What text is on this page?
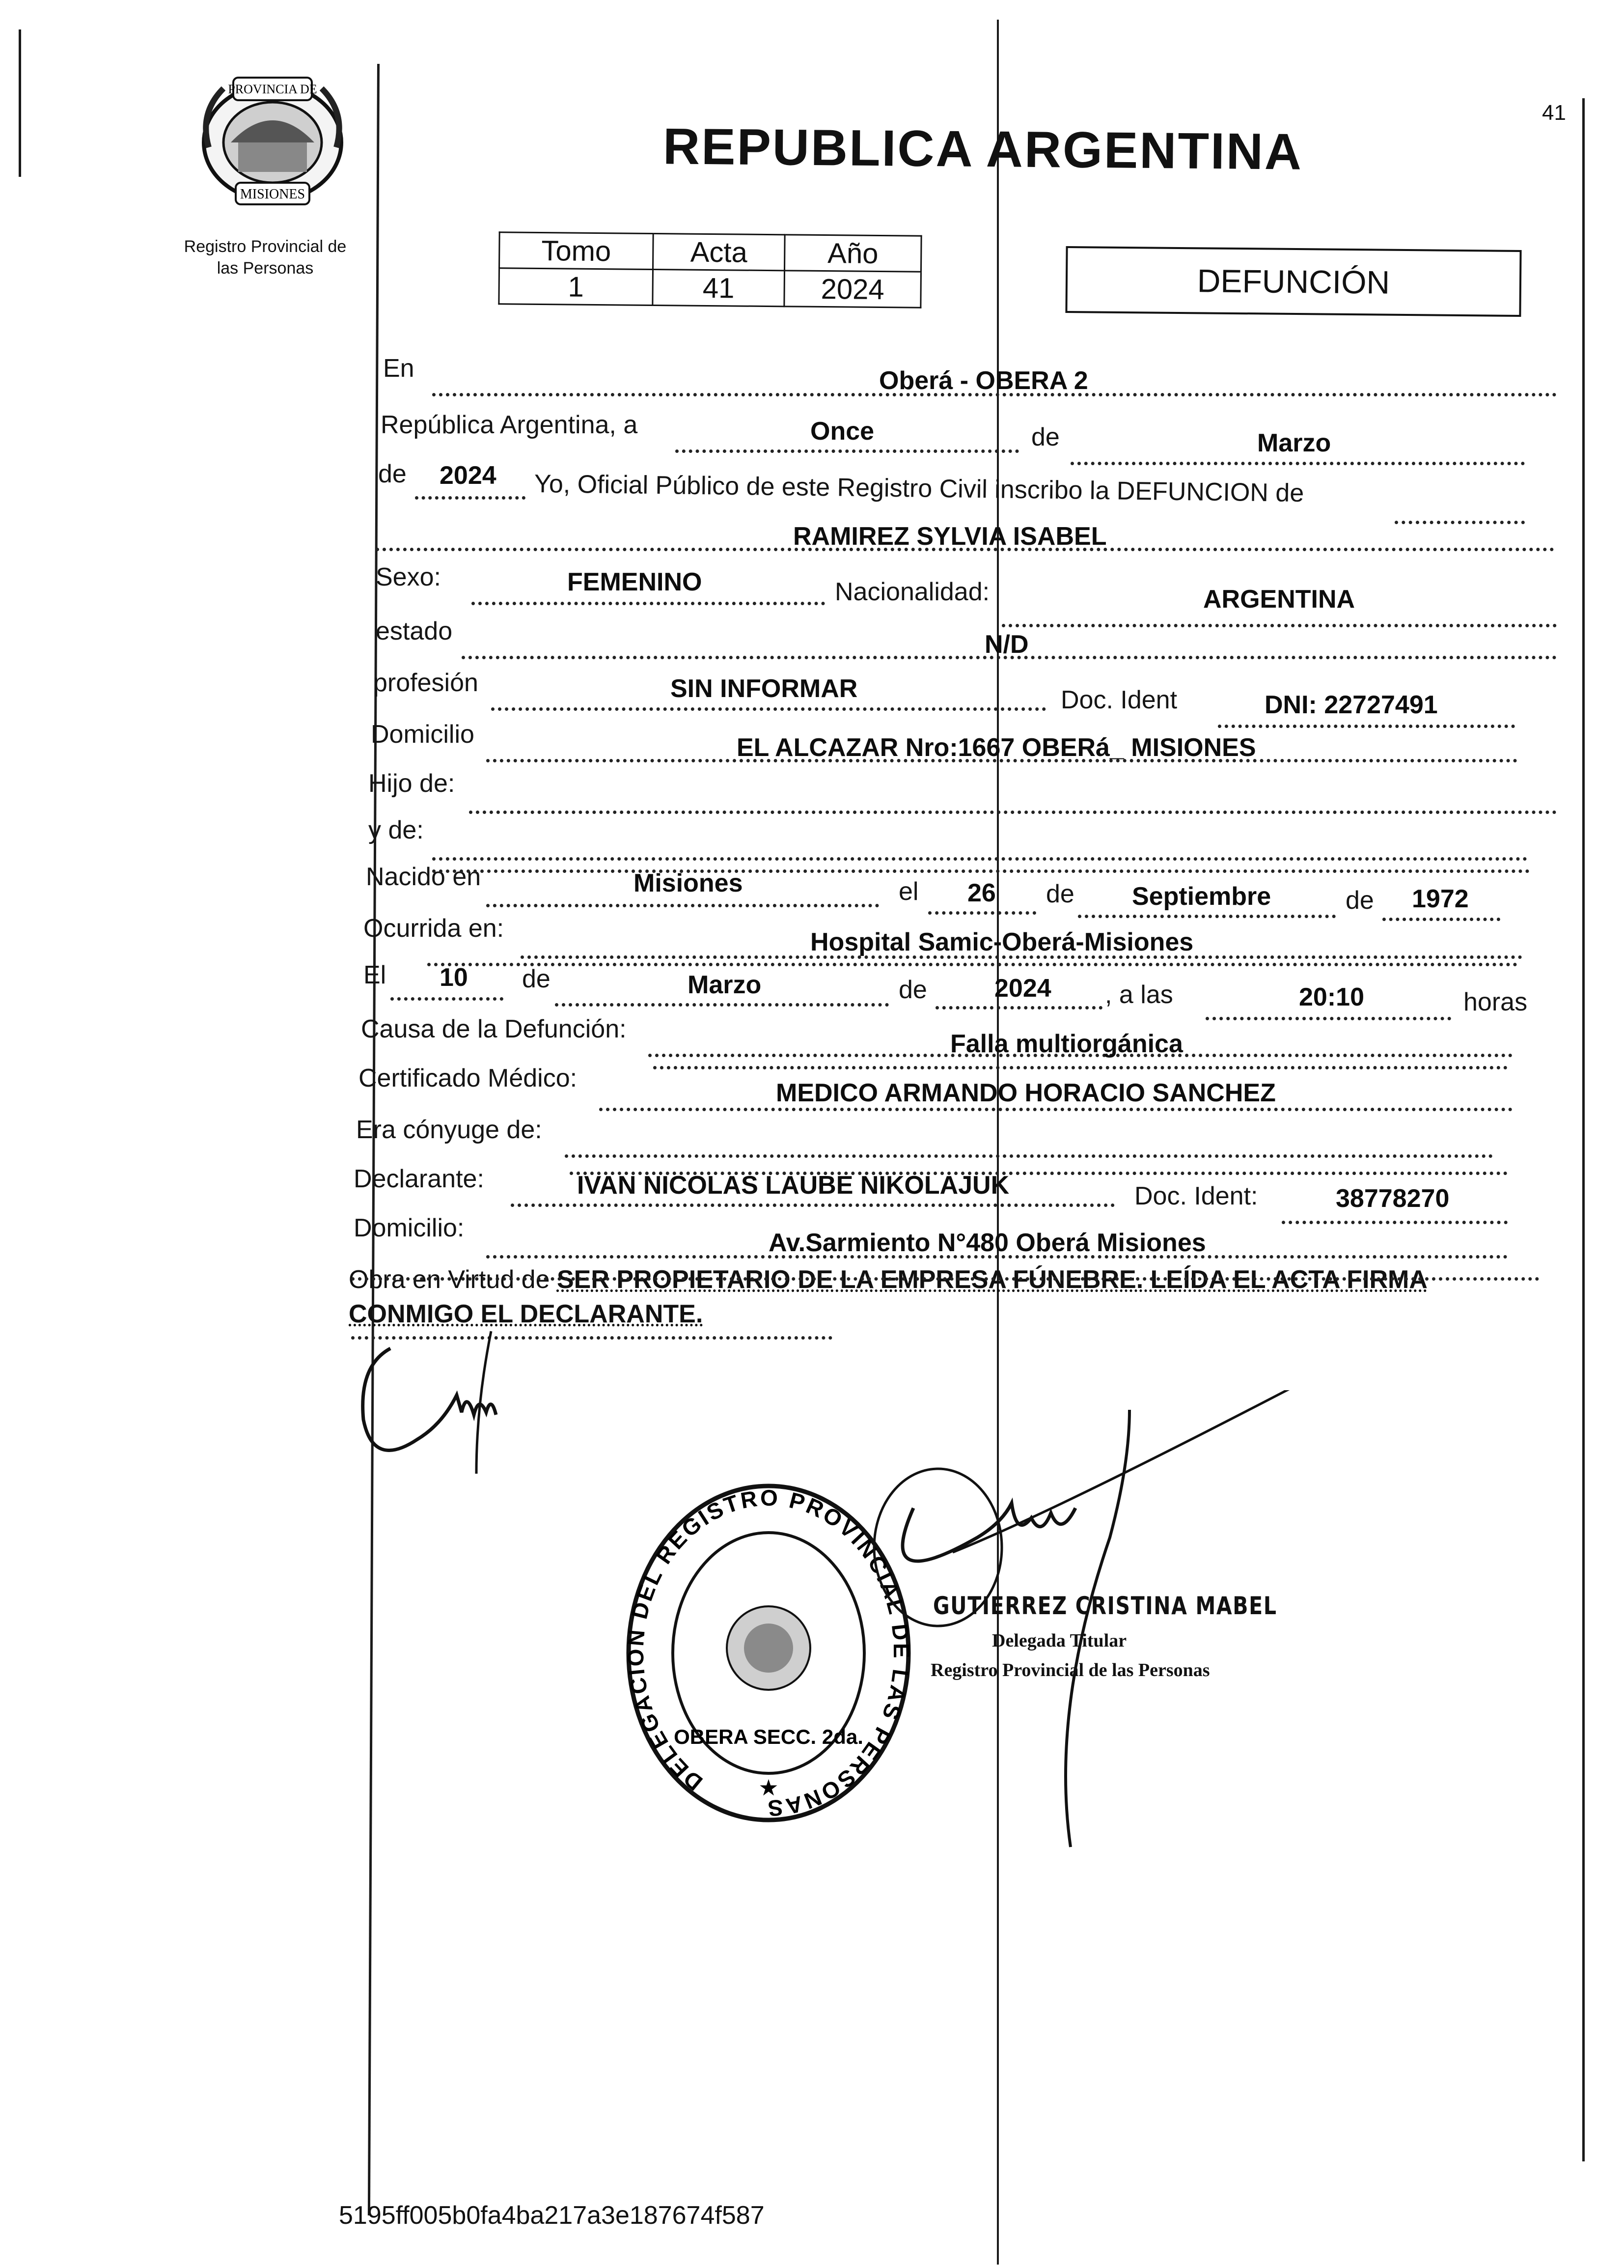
PROVINCIA DE
MISIONES
Registro Provincial de
las Personas
41
REPUBLICA ARGENTINA
Tomo	Acta	Año
1	41	2024	DEFUNCIÓN
En	Oberá - OBERA 2
República Argentina, a	Once	de	Marzo
de 2024 Yo, Oficial Público de este Registro Civil inscribo la DEFUNCION de
RAMIREZ SYLVIA ISABEL
Sexo:	FEMENINO	Nacionalidad:	ARGENTINA
estado	N/D
profesión	SIN INFORMAR	Doc. Ident	DNI: 22727491
Domicilio	EL ALCAZAR Nro:1667 OBERá_ MISIONES
Hijo de:
y de:
Nacido en	Misiones	el 26 de Septiembre	de 1972
Ocurrida en:	Hospital Samic-Oberá-Misiones
El 10 de	Marzo	de	2024 , a las	20:10	horas
Causa de la Defunción:
Falla multiorgánica
Certificado Médico:
MEDICO ARMANDO HORACIO SANCHEZ
Era cónyuge de:
Declarante:	IVAN NICOLAS LAUBE NIKOLAJUK	Doc. Ident:	38778270
Domicilio:
Av.Sarmiento N°480 Oberá Misiones
Obra en Virtud de SER PROPIETARIO DE LA EMPRESA FÚNEBRE. LEÍDA EL ACTA FIRMA CONMIGO EL DECLARANTE.
DELEGACION DEL REGISTRO PROVINCIAL DE LAS PERSONAS
OBERA SECC. 2da.
★
GUTIERREZ CRISTINA MABEL
Delegada Titular
Registro Provincial de las Personas
5195ff005b0fa4ba217a3e187674f587
